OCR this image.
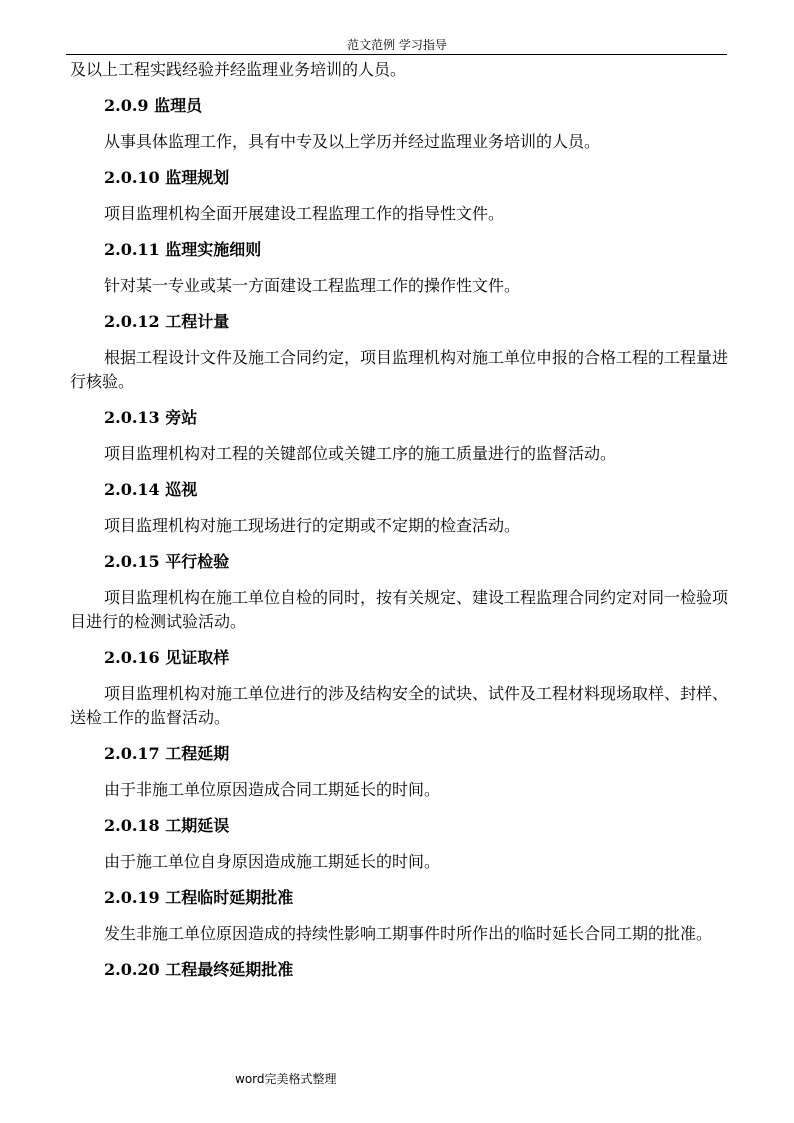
范文范例 学习指导

及以上工程实践经验并经监理业务培训的人员。

2.0.9 监理员

从事具体监理工作，具有中专及以上学历并经过监理业务培训的人员。

2.0.10 监理规划

项目监理机构全面开展建设工程监理工作的指导性文件。

2.0.11 监理实施细则

针对某一专业或某一方面建设工程监理工作的操作性文件。

2.0.12 工程计量

根据工程设计文件及施工合同约定，项目监理机构对施工单位申报的合格工程的工程量进行核验。

2.0.13 旁站

项目监理机构对工程的关键部位或关键工序的施工质量进行的监督活动。

2.0.14 巡视

项目监理机构对施工现场进行的定期或不定期的检查活动。

2.0.15 平行检验

项目监理机构在施工单位自检的同时，按有关规定、建设工程监理合同约定对同一检验项目进行的检测试验活动。

2.0.16 见证取样

项目监理机构对施工单位进行的涉及结构安全的试块、试件及工程材料现场取样、封样、送检工作的监督活动。

2.0.17 工程延期

由于非施工单位原因造成合同工期延长的时间。

2.0.18 工期延误

由于施工单位自身原因造成施工期延长的时间。

2.0.19 工程临时延期批准

发生非施工单位原因造成的持续性影响工期事件时所作出的临时延长合同工期的批准。

2.0.20 工程最终延期批准

word完美格式整理
